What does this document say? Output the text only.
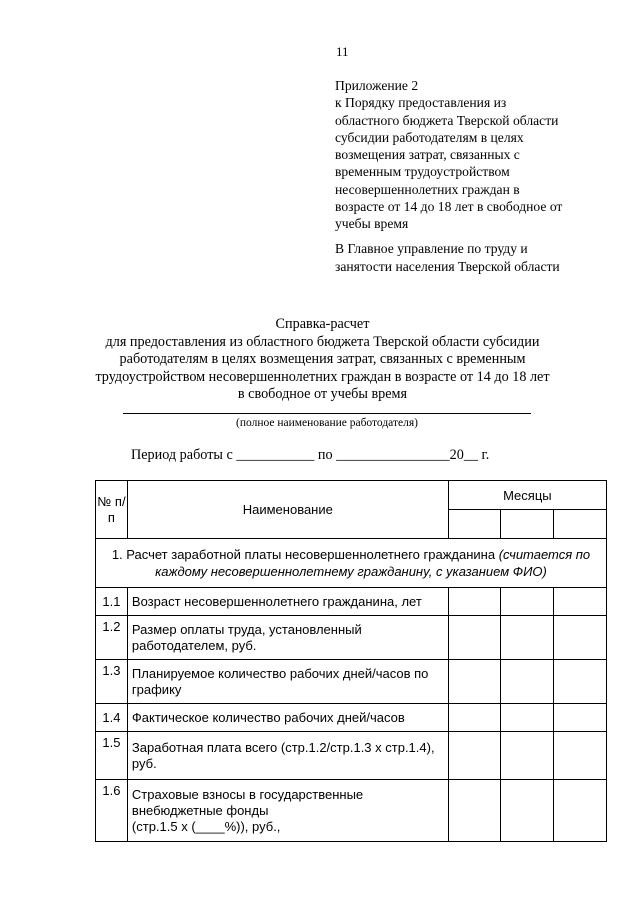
11
Приложение 2
к Порядку предоставления из
областного бюджета Тверской области
субсидии работодателям в целях
возмещения затрат, связанных с
временным трудоустройством
несовершеннолетних граждан в
возрасте от 14 до 18 лет в свободное от
учебы время
В Главное управление по труду и
занятости населения Тверской области
Справка-расчет
для предоставления из областного бюджета Тверской области субсидии
работодателям в целях возмещения затрат, связанных с временным
трудоустройством несовершеннолетних граждан в возрасте от 14 до 18 лет
в свободное от учебы время
(полное наименование работодателя)
Период работы с ___________ по ________________20__ г.
№ п/п	Наименование	Месяцы		

1. Расчет заработной платы несовершеннолетнего гражданина (считается по каждому несовершеннолетнему гражданину, с указанием ФИО)				
1.1	Возраст несовершеннолетнего гражданина, лет			
1.2	Размер оплаты труда, установленный работодателем, руб.			
1.3	Планируемое количество рабочих дней/часов по графику			
1.4	Фактическое количество рабочих дней/часов			
1.5	Заработная плата всего (стр.1.2/стр.1.3 х стр.1.4), руб.			
1.6	Страховые взносы в государственные
внебюджетные фонды
(стр.1.5 х (____%)), руб.,			
